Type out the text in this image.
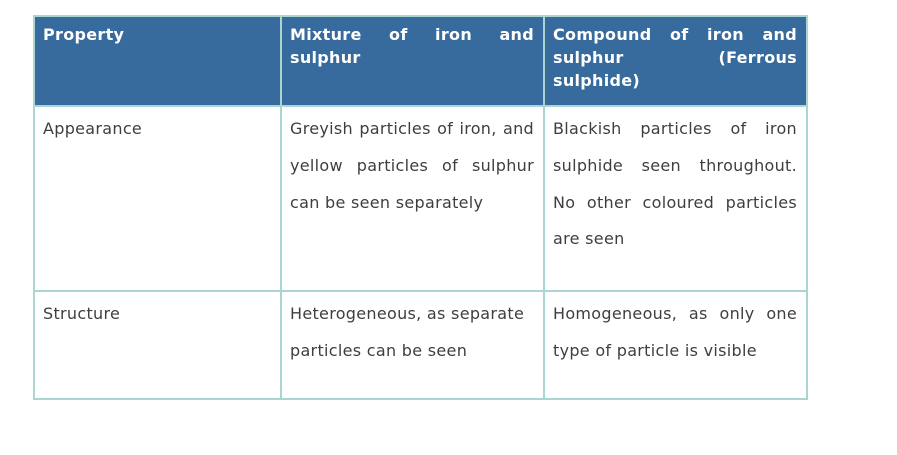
Property	Mixture of iron and sulphur	Compound of iron and sulphur (Ferrous sulphide)
Appearance	Greyish particles of iron, and yellow particles of sulphur can be seen separately	Blackish particles of iron sulphide seen throughout. No other coloured particles are seen
Structure	Heterogeneous, as separate particles can be seen	Homogeneous, as only one type of particle is visible
